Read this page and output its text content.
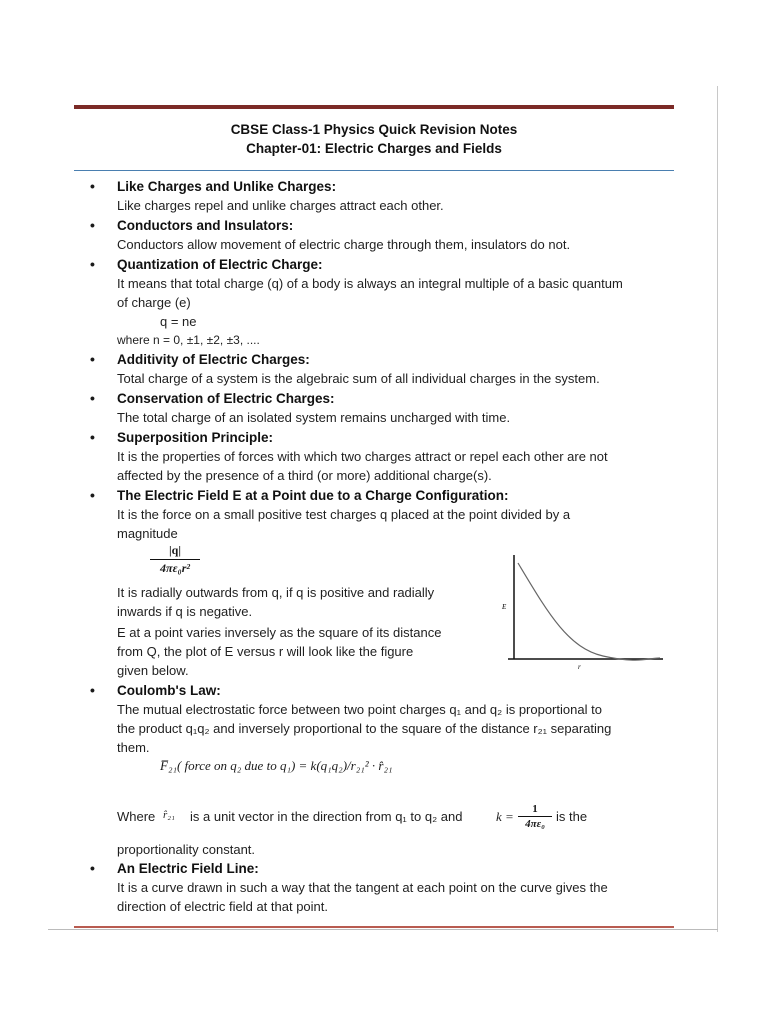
CBSE Class-1 Physics Quick Revision Notes
Chapter-01: Electric Charges and Fields
• Like Charges and Unlike Charges:
Like charges repel and unlike charges attract each other.
• Conductors and Insulators:
Conductors allow movement of electric charge through them, insulators do not.
• Quantization of Electric Charge:
It means that total charge (q) of a body is always an integral multiple of a basic quantum
of charge (e)
q = ne
where n = 0, ±1, ±2, ±3, ....
• Additivity of Electric Charges:
Total charge of a system is the algebraic sum of all individual charges in the system.
• Conservation of Electric Charges:
The total charge of an isolated system remains uncharged with time.
• Superposition Principle:
It is the properties of forces with which two charges attract or repel each other are not
affected by the presence of a third (or more) additional charge(s).
• The Electric Field E at a Point due to a Charge Configuration:
It is the force on a small positive test charges q placed at the point divided by a
magnitude
$\frac{|q|}{\text{4πε₀r²}}$
It is radially outwards from q, if q is positive and radially
inwards if q is negative.
E at a point varies inversely as the square of its distance
from Q, the plot of E versus r will look like the figure
given below.
E
r
• Coulomb's Law:
The mutual electrostatic force between two point charges q₁ and q₂ is proportional to
the product q₁q₂ and inversely proportional to the square of the distance r₂₁ separating
them.
F̅₂₁( force on q₂ due to q₁) = k(q₁q₂)/r₂₁² · r̂₂₁
Where r̂₂₁ is a unit vector in the direction from q₁ to q₂ and	$k = \frac{1}{\text{4πε₀}}$ is the
proportionality constant.
• An Electric Field Line:
It is a curve drawn in such a way that the tangent at each point on the curve gives the
direction of electric field at that point.
